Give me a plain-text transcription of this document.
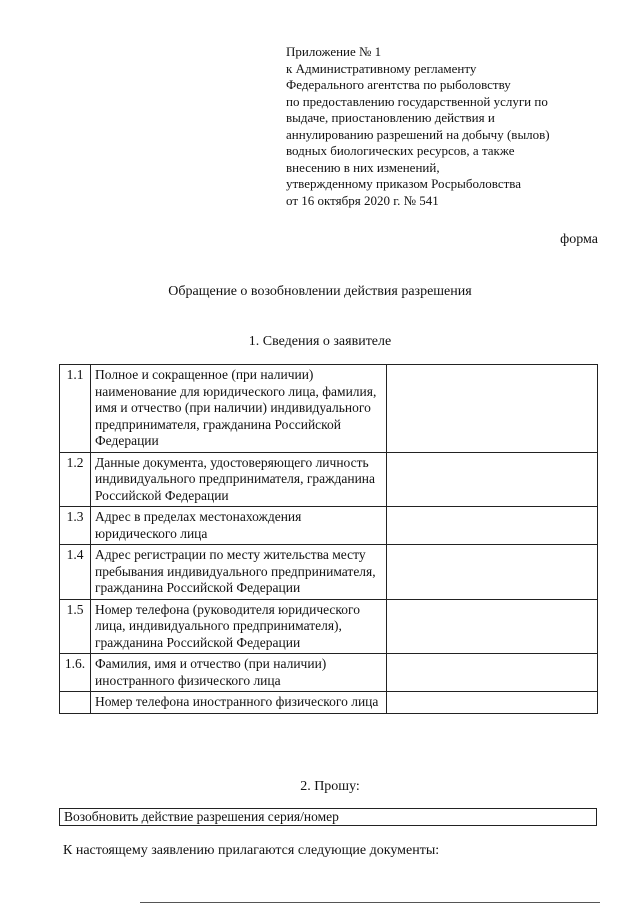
Приложение № 1
к Административному регламенту
Федерального агентства по рыболовству
по предоставлению государственной услуги по
выдаче, приостановлению действия и
аннулированию разрешений на добычу (вылов)
водных биологических ресурсов, а также
внесению в них изменений,
утвержденному приказом Росрыболовства
от 16 октября 2020 г. № 541
форма
Обращение о возобновлении действия разрешения
1. Сведения о заявителе
1.1	Полное и сокращенное (при наличии) наименование для юридического лица, фамилия, имя и отчество (при наличии) индивидуального предпринимателя, гражданина Российской Федерации	
1.2	Данные документа, удостоверяющего личность индивидуального предпринимателя, гражданина Российской Федерации	
1.3	Адрес в пределах местонахождения юридического лица	
1.4	Адрес регистрации по месту жительства месту пребывания индивидуального предпринимателя, гражданина Российской Федерации	
1.5	Номер телефона (руководителя юридического лица, индивидуального предпринимателя), гражданина Российской Федерации	
1.6.	Фамилия, имя и отчество (при наличии) иностранного физического лица	
	Номер телефона иностранного физического лица	
2. Прошу:
Возобновить действие разрешения серия/номер
К настоящему заявлению прилагаются следующие документы:
